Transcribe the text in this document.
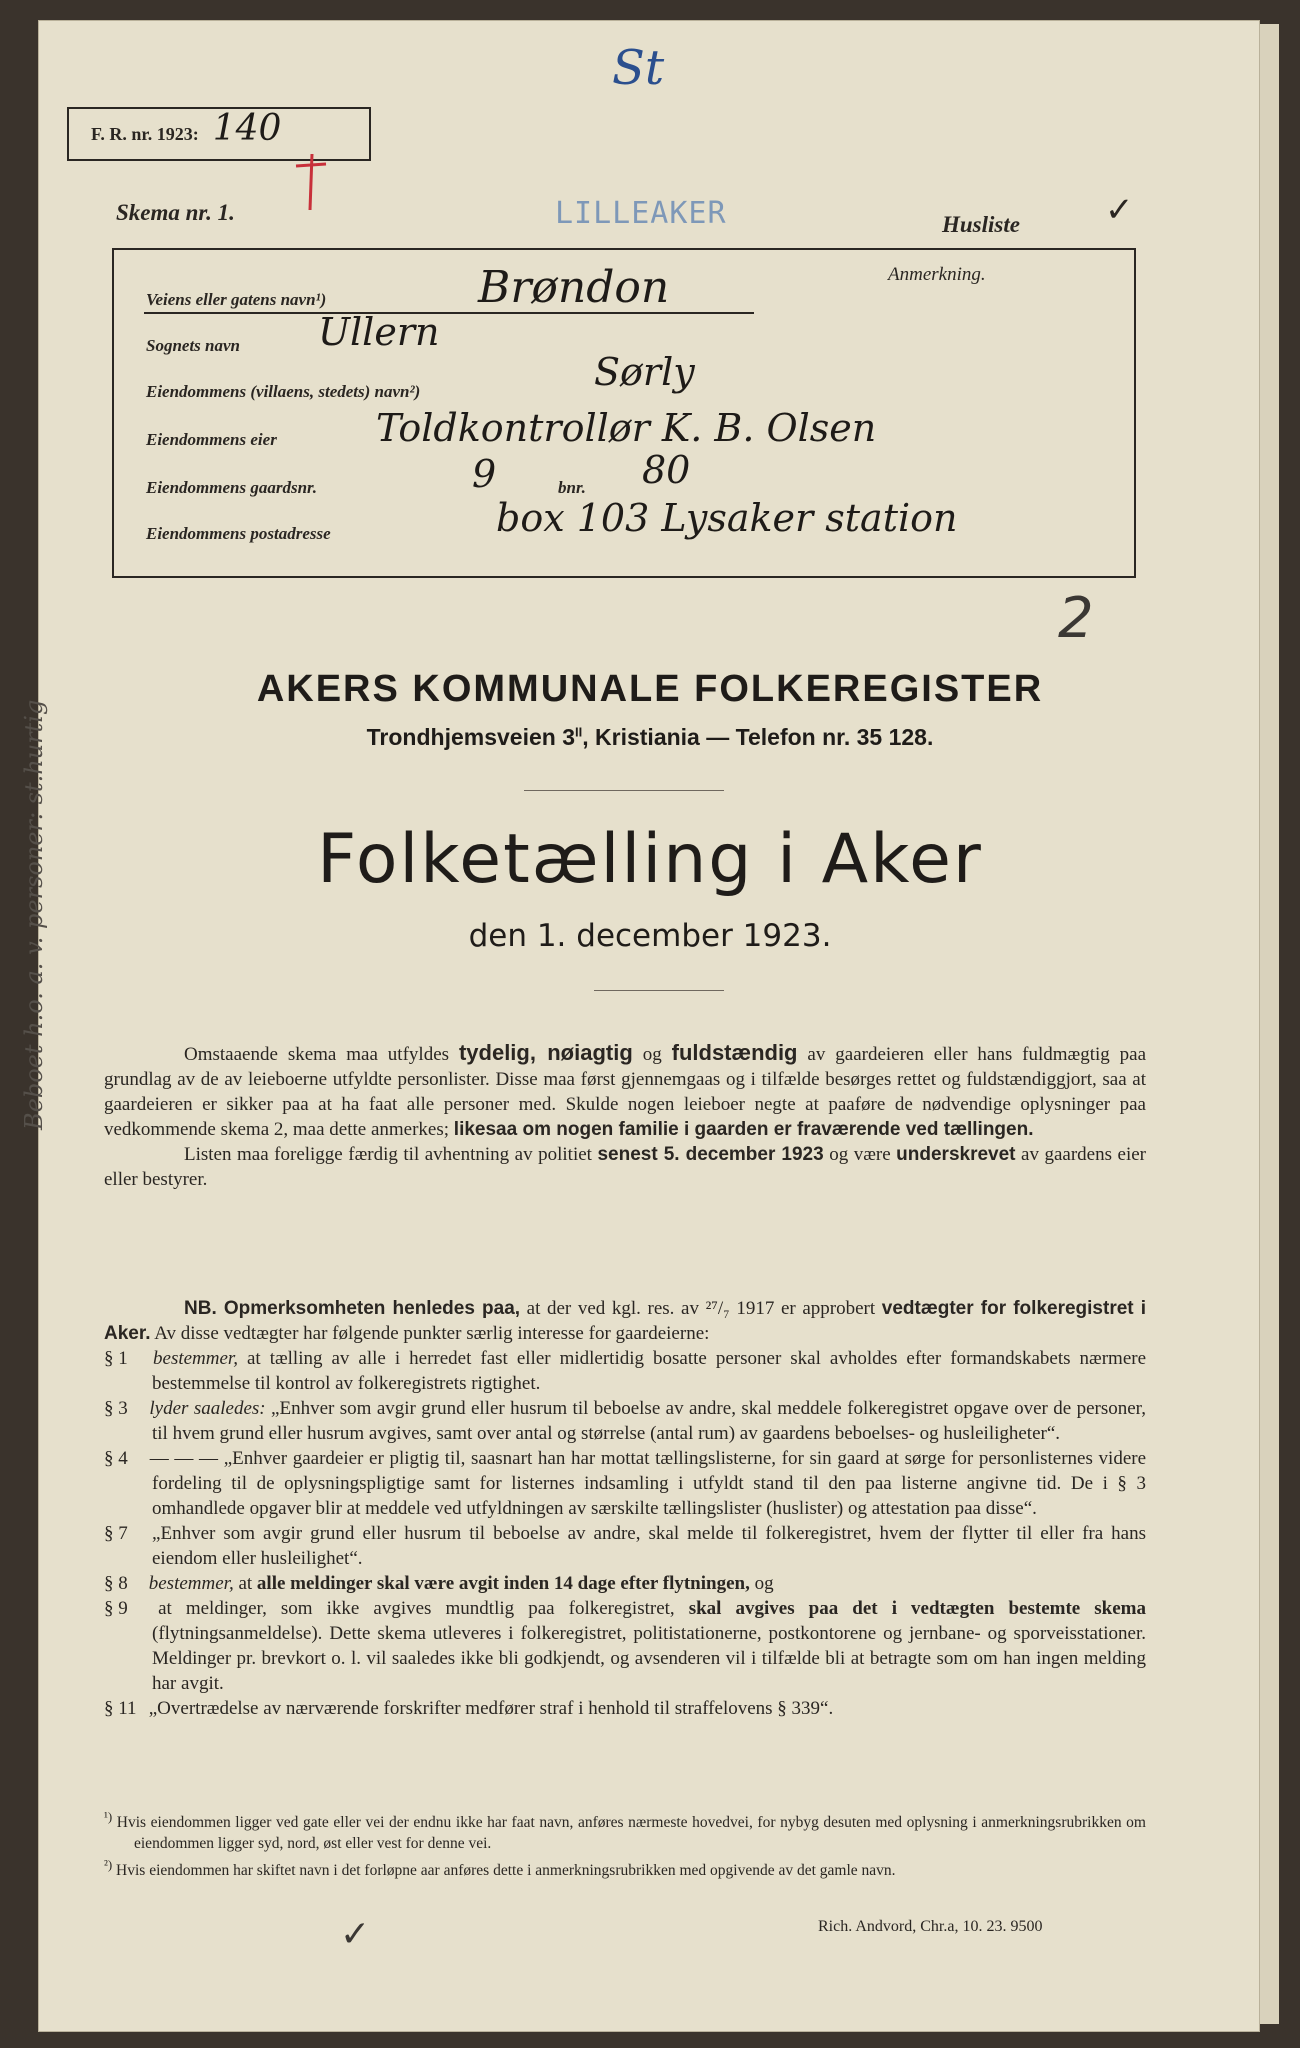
St
F. R. nr. 1923: 140
Skema nr. 1.	LILLEAKER	Husliste	✓
Anmerkning.
Veiens eller gatens navn¹)	Brøndon
Sognets navn Ullern
Eiendommens (villaens, stedets) navn²)	Sørly
Eiendommens eier	Toldkontrollør K. B. Olsen
Eiendommens gaardsnr.	9	bnr. 80
Eiendommens postadresse	box 103 Lysaker station
Beboet h.o. a. v. personer: st.hurtig
2
AKERS KOMMUNALE FOLKEREGISTER
Trondhjemsveien $3^{II}$, Kristiania — Telefon nr. 35 128.
Folketælling i Aker
den 1. december 1923.

Omstaaende skema maa utfyldes tydelig, nøiagtig og fuldstændig av gaardeieren eller hans fuldmægtig paa grundlag av de av leieboerne utfyldte personlister. Disse maa først gjennemgaas og i tilfælde besørges rettet og fuldstændiggjort, saa at gaardeieren er sikker paa at ha faat alle personer med. Skulde nogen leieboer negte at paaføre de nødvendige oplysninger paa vedkommende skema 2, maa dette anmerkes; likesaa om nogen familie i gaarden er fraværende ved tællingen.

Listen maa foreligge færdig til avhentning av politiet senest 5. december 1923 og være underskrevet av gaardens eier eller bestyrer.

NB. Opmerksomheten henledes paa, at der ved kgl. res. av ²⁷/₇ 1917 er approbert vedtægter for folkeregistret i Aker. Av disse vedtægter har følgende punkter særlig interesse for gaardeierne:

§ 1 bestemmer, at tælling av alle i herredet fast eller midlertidig bosatte personer skal avholdes efter formandskabets nærmere bestemmelse til kontrol av folkeregistrets rigtighet.

§ 3 lyder saaledes: „Enhver som avgir grund eller husrum til beboelse av andre, skal meddele folkeregistret opgave over de personer, til hvem grund eller husrum avgives, samt over antal og størrelse (antal rum) av gaardens beboelses- og husleiligheter“.

§ 4 — — — „Enhver gaardeier er pligtig til, saasnart han har mottat tællingslisterne, for sin gaard at sørge for personlisternes videre fordeling til de oplysningspligtige samt for listernes indsamling i utfyldt stand til den paa listerne angivne tid. De i § 3 omhandlede opgaver blir at meddele ved utfyldningen av særskilte tællingslister (huslister) og attestation paa disse“.

§ 7 „Enhver som avgir grund eller husrum til beboelse av andre, skal melde til folkeregistret, hvem der flytter til eller fra hans eiendom eller husleilighet“.

§ 8 bestemmer, at alle meldinger skal være avgit inden 14 dage efter flytningen, og

§ 9 at meldinger, som ikke avgives mundtlig paa folkeregistret, skal avgives paa det i vedtægten bestemte skema (flytningsanmeldelse). Dette skema utleveres i folkeregistret, politistationerne, postkontorene og jernbane- og sporveisstationer. Meldinger pr. brevkort o. l. vil saaledes ikke bli godkjendt, og avsenderen vil i tilfælde bli at betragte som om han ingen melding har avgit.

§ 11 „Overtrædelse av nærværende forskrifter medfører straf i henhold til straffelovens § 339“.

$^{^1)}$ Hvis eiendommen ligger ved gate eller vei der endnu ikke har faat navn, anføres nærmeste hovedvei, for nybyg desuten med oplysning i anmerkningsrubrikken om eiendommen ligger syd, nord, øst eller vest for denne vei.

$^{^2)}$ Hvis eiendommen har skiftet navn i det forløpne aar anføres dette i anmerkningsrubrikken med opgivende av det gamle navn.

✓	Rich. Andvord, Chr.a, 10. 23. 9500
